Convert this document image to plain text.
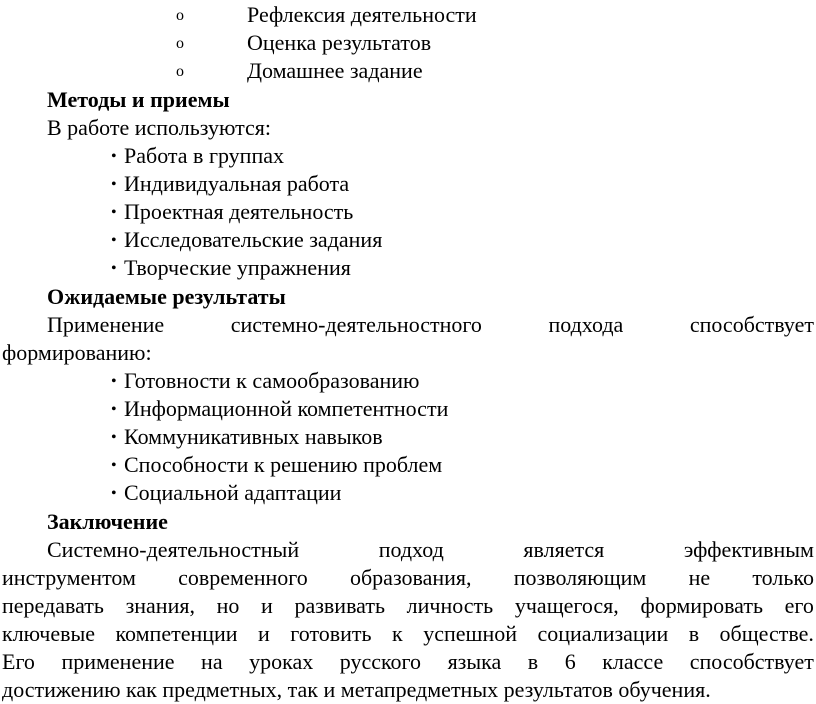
o	Рефлексия деятельности
o	Оценка результатов
o	Домашнее задание
Методы и приемы
В работе используются:
• Работа в группах
• Индивидуальная работа
• Проектная деятельность
• Исследовательские задания
• Творческие упражнения
Ожидаемые результаты
Применение	системно-деятельностного	подхода	способствует
формированию:
• Готовности к самообразованию
• Информационной компетентности
• Коммуникативных навыков
• Способности к решению проблем
• Социальной адаптации
Заключение
Системно-деятельностный	подход	является	эффективным
инструментом современного образования, позволяющим не только
передавать знания, но и развивать личность учащегося, формировать его
ключевые компетенции и готовить к успешной социализации в обществе.
Его применение на уроках русского языка в 6 классе способствует
достижению как предметных, так и метапредметных результатов обучения.
